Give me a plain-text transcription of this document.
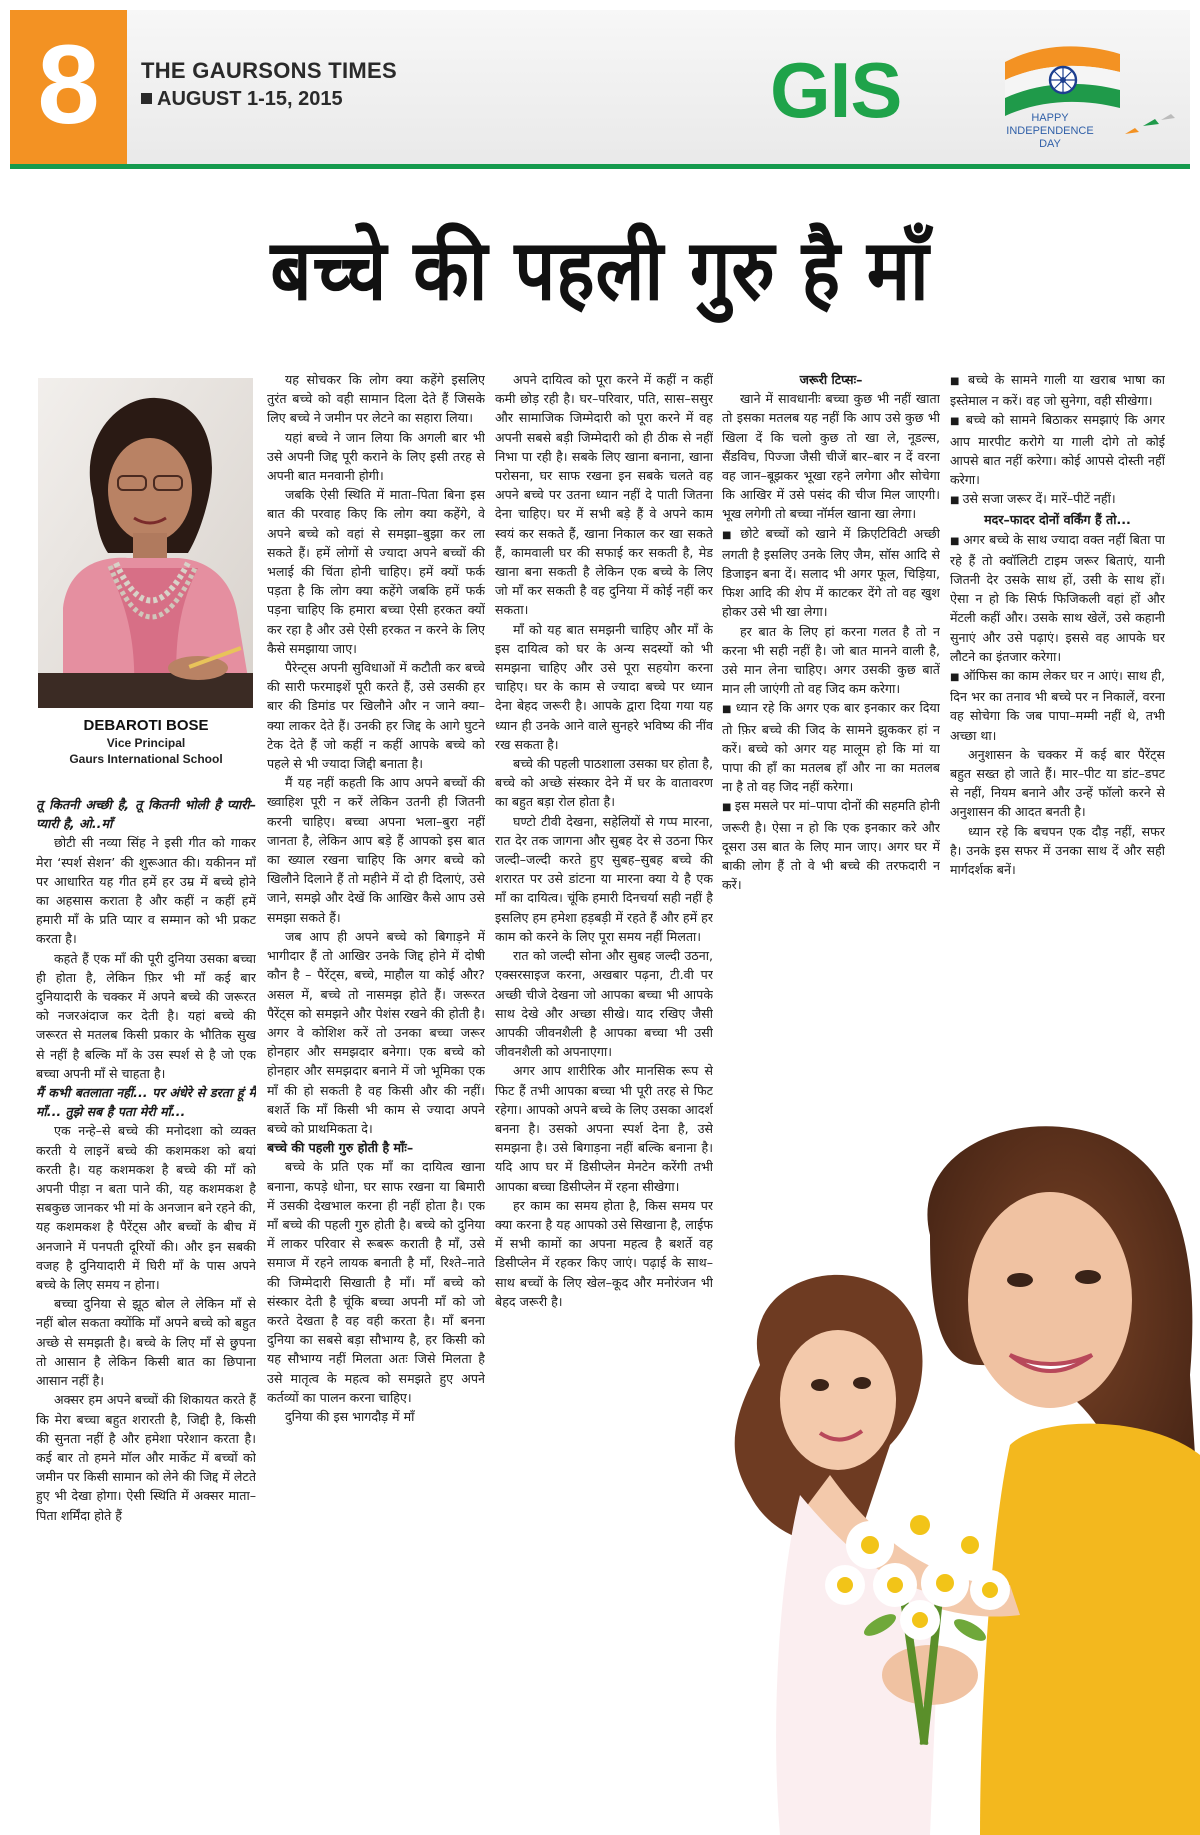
8	THE GAURSONS TIMES
AUGUST 1-15, 2015	GIS	HAPPY
INDEPENDENCE
DAY
बच्चे की पहली गुरु है माँ
DEBAROTI BOSE
Vice Principal
Gaurs International School

तू कितनी अच्छी है, तू कितनी भोली है प्यारी–प्यारी है, ओ..माँ

छोटी सी नव्या सिंह ने इसी गीत को गाकर मेरा ‘स्पर्श सेशन’ की शुरूआत की। यकीनन माँ पर आधारित यह गीत हमें हर उम्र में बच्चे होने का अहसास कराता है और कहीं न कहीं हमें हमारी माँ के प्रति प्यार व सम्मान को भी प्रकट करता है।

कहते हैं एक माँ की पूरी दुनिया उसका बच्चा ही होता है, लेकिन फ़िर भी माँ कई बार दुनियादारी के चक्कर में अपने बच्चे की जरूरत को नजरअंदाज कर देती है। यहां बच्चे की जरूरत से मतलब किसी प्रकार के भौतिक सुख से नहीं है बल्कि माँ के उस स्पर्श से है जो एक बच्चा अपनी माँ से चाहता है।

मैं कभी बतलाता नहीं... पर अंधेरे से डरता हूं मैं माँ... तुझे सब है पता मेरी माँ...

एक नन्हे–से बच्चे की मनोदशा को व्यक्त करती ये लाइनें बच्चे की कशमकश को बयां करती है। यह कशमकश है बच्चे की माँ को अपनी पीड़ा न बता पाने की, यह कशमकश है सबकुछ जानकर भी मां के अनजान बने रहने की, यह कशमकश है पैरेंट्स और बच्चों के बीच में अनजाने में पनपती दूरियों की। और इन सबकी वजह है दुनियादारी में घिरी माँ के पास अपने बच्चे के लिए समय न होना।

बच्चा दुनिया से झूठ बोल ले लेकिन माँ से नहीं बोल सकता क्योंकि माँ अपने बच्चे को बहुत अच्छे से समझती है। बच्चे के लिए माँ से छुपना तो आसान है लेकिन किसी बात का छिपाना आसान नहीं है।

अक्सर हम अपने बच्चों की शिकायत करते हैं कि मेरा बच्चा बहुत शरारती है, जिद्दी है, किसी की सुनता नहीं है और हमेशा परेशान करता है। कई बार तो हमने मॉल और मार्केट में बच्चों को जमीन पर किसी सामान को लेने की जिद्द में लेटते हुए भी देखा होगा। ऐसी स्थिति में अक्सर माता–पिता शर्मिंदा होते हैं

यह सोचकर कि लोग क्या कहेंगे इसलिए तुरंत बच्चे को वही सामान दिला देते हैं जिसके लिए बच्चे ने जमीन पर लेटने का सहारा लिया।

यहां बच्चे ने जान लिया कि अगली बार भी उसे अपनी जिद्द पूरी कराने के लिए इसी तरह से अपनी बात मनवानी होगी।

जबकि ऐसी स्थिति में माता–पिता बिना इस बात की परवाह किए कि लोग क्या कहेंगे, वे अपने बच्चे को वहां से समझा–बुझा कर ला सकते हैं। हमें लोगों से ज्यादा अपने बच्चों की भलाई की चिंता होनी चाहिए। हमें क्यों फर्क पड़ता है कि लोग क्या कहेंगे जबकि हमें फर्क पड़ना चाहिए कि हमारा बच्चा ऐसी हरकत क्यों कर रहा है और उसे ऐसी हरकत न करने के लिए कैसे समझाया जाए।

पैरेन्ट्स अपनी सुविधाओं में कटौती कर बच्चे की सारी फरमाइशें पूरी करते हैं, उसे उसकी हर बार की डिमांड पर खिलौने और न जाने क्या–क्या लाकर देते हैं। उनकी हर जिद्द के आगे घुटने टेक देते हैं जो कहीं न कहीं आपके बच्चे को पहले से भी ज्यादा जिद्दी बनाता है।

मैं यह नहीं कहती कि आप अपने बच्चों की ख्वाहिश पूरी न करें लेकिन उतनी ही जितनी करनी चाहिए। बच्चा अपना भला–बुरा नहीं जानता है, लेकिन आप बड़े हैं आपको इस बात का ख्याल रखना चाहिए कि अगर बच्चे को खिलौने दिलाने हैं तो महीने में दो ही दिलाएं, उसे जाने, समझे और देखें कि आखिर कैसे आप उसे समझा सकते हैं।

जब आप ही अपने बच्चे को बिगाड़ने में भागीदार हैं तो आखिर उनके जिद्द होने में दोषी कौन है – पैरेंट्स, बच्चे, माहौल या कोई और? असल में, बच्चे तो नासमझ होते हैं। जरूरत पैरेंट्स को समझने और पेशंस रखने की होती है। अगर वे कोशिश करें तो उनका बच्चा जरूर होनहार और समझदार बनेगा। एक बच्चे को होनहार और समझदार बनाने में जो भूमिका एक माँ की हो सकती है वह किसी और की नहीं। बशर्ते कि माँ किसी भी काम से ज्यादा अपने बच्चे को प्राथमिकता दे।

बच्चे की पहली गुरु होती है माँः–

बच्चे के प्रति एक माँ का दायित्व खाना बनाना, कपड़े धोना, घर साफ रखना या बिमारी में उसकी देखभाल करना ही नहीं होता है। एक माँ बच्चे की पहली गुरु होती है। बच्चे को दुनिया में लाकर परिवार से रूबरू कराती है माँ, उसे समाज में रहने लायक बनाती है माँ, रिश्ते–नाते की जिम्मेदारी सिखाती है माँ। माँ बच्चे को संस्कार देती है चूंकि बच्चा अपनी माँ को जो करते देखता है वह वही करता है। माँ बनना दुनिया का सबसे बड़ा सौभाग्य है, हर किसी को यह सौभाग्य नहीं मिलता अतः जिसे मिलता है उसे मातृत्व के महत्व को समझते हुए अपने कर्तव्यों का पालन करना चाहिए।

दुनिया की इस भागदौड़ में माँ

अपने दायित्व को पूरा करने में कहीं न कहीं कमी छोड़ रही है। घर–परिवार, पति, सास–ससुर और सामाजिक जिम्मेदारी को पूरा करने में वह अपनी सबसे बड़ी जिम्मेदारी को ही ठीक से नहीं निभा पा रही है। सबके लिए खाना बनाना, खाना परोसना, घर साफ रखना इन सबके चलते वह अपने बच्चे पर उतना ध्यान नहीं दे पाती जितना देना चाहिए। घर में सभी बड़े हैं वे अपने काम स्वयं कर सकते हैं, खाना निकाल कर खा सकते हैं, कामवाली घर की सफाई कर सकती है, मेड खाना बना सकती है लेकिन एक बच्चे के लिए जो माँ कर सकती है वह दुनिया में कोई नहीं कर सकता।

माँ को यह बात समझनी चाहिए और माँ के इस दायित्व को घर के अन्य सदस्यों को भी समझना चाहिए और उसे पूरा सहयोग करना चाहिए। घर के काम से ज्यादा बच्चे पर ध्यान देना बेहद जरूरी है। आपके द्वारा दिया गया यह ध्यान ही उनके आने वाले सुनहरे भविष्य की नींव रख सकता है।

बच्चे की पहली पाठशाला उसका घर होता है, बच्चे को अच्छे संस्कार देने में घर के वातावरण का बहुत बड़ा रोल होता है।

घण्टो टीवी देखना, सहेलियों से गप्प मारना, रात देर तक जागना और सुबह देर से उठना फिर जल्दी–जल्दी करते हुए सुबह–सुबह बच्चे की शरारत पर उसे डांटना या मारना क्या ये है एक माँ का दायित्व। चूंकि हमारी दिनचर्या सही नहीं है इसलिए हम हमेशा हड़बड़ी में रहते हैं और हमें हर काम को करने के लिए पूरा समय नहीं मिलता।

रात को जल्दी सोना और सुबह जल्दी उठना, एक्सरसाइज करना, अखबार पढ़ना, टी.वी पर अच्छी चीजे देखना जो आपका बच्चा भी आपके साथ देखे और अच्छा सीखे। याद रखिए जैसी आपकी जीवनशैली है आपका बच्चा भी उसी जीवनशैली को अपनाएगा।

अगर आप शारीरिक और मानसिक रूप से फिट हैं तभी आपका बच्चा भी पूरी तरह से फिट रहेगा। आपको अपने बच्चे के लिए उसका आदर्श बनना है। उसको अपना स्पर्श देना है, उसे समझना है। उसे बिगाड़ना नहीं बल्कि बनाना है। यदि आप घर में डिसीप्लेन मेनटेन करेंगी तभी आपका बच्चा डिसीप्लेन में रहना सीखेगा।

हर काम का समय होता है, किस समय पर क्या करना है यह आपको उसे सिखाना है, लाईफ में सभी कामों का अपना महत्व है बशर्ते वह डिसीप्लेन में रहकर किए जाएं। पढ़ाई के साथ–साथ बच्चों के लिए खेल–कूद और मनोरंजन भी बेहद जरूरी है।

जरूरी टिप्सः–

खाने में सावधानीः बच्चा कुछ भी नहीं खाता तो इसका मतलब यह नहीं कि आप उसे कुछ भी खिला दें कि चलो कुछ तो खा ले, नूडल्स, सैंडविच, पिज्जा जैसी चीजें बार–बार न दें वरना वह जान–बूझकर भूखा रहने लगेगा और सोचेगा कि आखिर में उसे पसंद की चीज मिल जाएगी। भूख लगेगी तो बच्चा नॉर्मल खाना खा लेगा।

■ छोटे बच्चों को खाने में क्रिएटिविटी अच्छी लगती है इसलिए उनके लिए जैम, सॉस आदि से डिजाइन बना दें। सलाद भी अगर फूल, चिड़िया, फिश आदि की शेप में काटकर देंगे तो वह खुश होकर उसे भी खा लेगा।

हर बात के लिए हां करना गलत है तो न करना भी सही नहीं है। जो बात मानने वाली है, उसे मान लेना चाहिए। अगर उसकी कुछ बातें मान ली जाएंगी तो वह जिद कम करेगा।

■ ध्यान रहे कि अगर एक बार इनकार कर दिया तो फ़िर बच्चे की जिद के सामने झुककर हां न करें। बच्चे को अगर यह मालूम हो कि मां या पापा की हाँ का मतलब हाँ और ना का मतलब ना है तो वह जिद नहीं करेगा।

■ इस मसले पर मां–पापा दोनों की सहमति होनी जरूरी है। ऐसा न हो कि एक इनकार करे और दूसरा उस बात के लिए मान जाए। अगर घर में बाकी लोग हैं तो वे भी बच्चे की तरफदारी न करें।

■ बच्चे के सामने गाली या खराब भाषा का इस्तेमाल न करें। वह जो सुनेगा, वही सीखेगा।

■ बच्चे को सामने बिठाकर समझाएं कि अगर आप मारपीट करोगे या गाली दोगे तो कोई आपसे बात नहीं करेगा। कोई आपसे दोस्ती नहीं करेगा।

■ उसे सजा जरूर दें। मारें–पीटें नहीं।

मदर–फादर दोनों वर्किंग हैं तो...

■ अगर बच्चे के साथ ज्यादा वक्त नहीं बिता पा रहे हैं तो क्वॉलिटी टाइम जरूर बिताएं, यानी जितनी देर उसके साथ हों, उसी के साथ हों। ऐसा न हो कि सिर्फ फिजिकली वहां हों और मेंटली कहीं और। उसके साथ खेलें, उसे कहानी सुनाएं और उसे पढ़ाएं। इससे वह आपके घर लौटने का इंतजार करेगा।

■ ऑफिस का काम लेकर घर न आएं। साथ ही, दिन भर का तनाव भी बच्चे पर न निकालें, वरना वह सोचेगा कि जब पापा–मम्मी नहीं थे, तभी अच्छा था।

अनुशासन के चक्कर में कई बार पैरेंट्स बहुत सख्त हो जाते हैं। मार–पीट या डांट–डपट से नहीं, नियम बनाने और उन्हें फॉलो करने से अनुशासन की आदत बनती है।

ध्यान रहे कि बचपन एक दौड़ नहीं, सफर है। उनके इस सफर में उनका साथ दें और सही मार्गदर्शक बनें।
